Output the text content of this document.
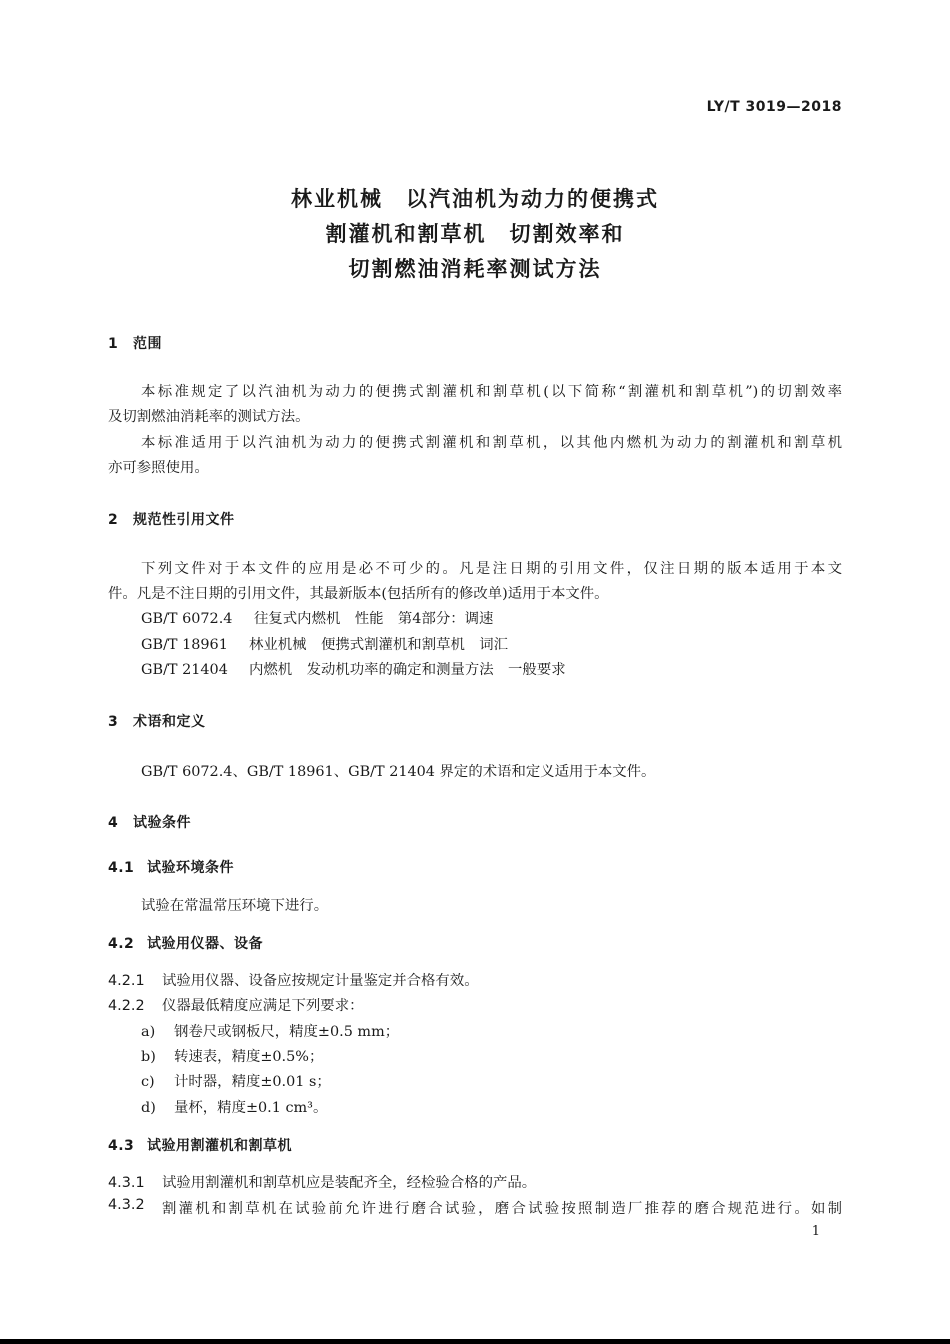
LY/T 3019—2018
林业机械　以汽油机为动力的便携式
割灌机和割草机　切割效率和
切割燃油消耗率测试方法
1 范围
本标准规定了以汽油机为动力的便携式割灌机和割草机(以下简称“割灌机和割草机”)的切割效率
及切割燃油消耗率的测试方法。
本标准适用于以汽油机为动力的便携式割灌机和割草机，以其他内燃机为动力的割灌机和割草机
亦可参照使用。
2 规范性引用文件
下列文件对于本文件的应用是必不可少的。凡是注日期的引用文件，仅注日期的版本适用于本文
件。凡是不注日期的引用文件，其最新版本(包括所有的修改单)适用于本文件。
GB/T 6072.4 往复式内燃机　性能　第4部分：调速
GB/T 18961 林业机械　便携式割灌机和割草机　词汇
GB/T 21404 内燃机　发动机功率的确定和测量方法　一般要求
3 术语和定义
GB/T 6072.4、GB/T 18961、GB/T 21404 界定的术语和定义适用于本文件。
4 试验条件
4.1 试验环境条件
试验在常温常压环境下进行。
4.2 试验用仪器、设备
4.2.1 试验用仪器、设备应按规定计量鉴定并合格有效。
4.2.2 仪器最低精度应满足下列要求：
a) 钢卷尺或钢板尺，精度±0.5 mm；
b) 转速表，精度±0.5%；
c) 计时器，精度±0.01 s；
d) 量杯，精度±0.1 cm³。
4.3 试验用割灌机和割草机
4.3.1 试验用割灌机和割草机应是装配齐全，经检验合格的产品。
4.3.2	割灌机和割草机在试验前允许进行磨合试验，磨合试验按照制造厂推荐的磨合规范进行。如制
1
